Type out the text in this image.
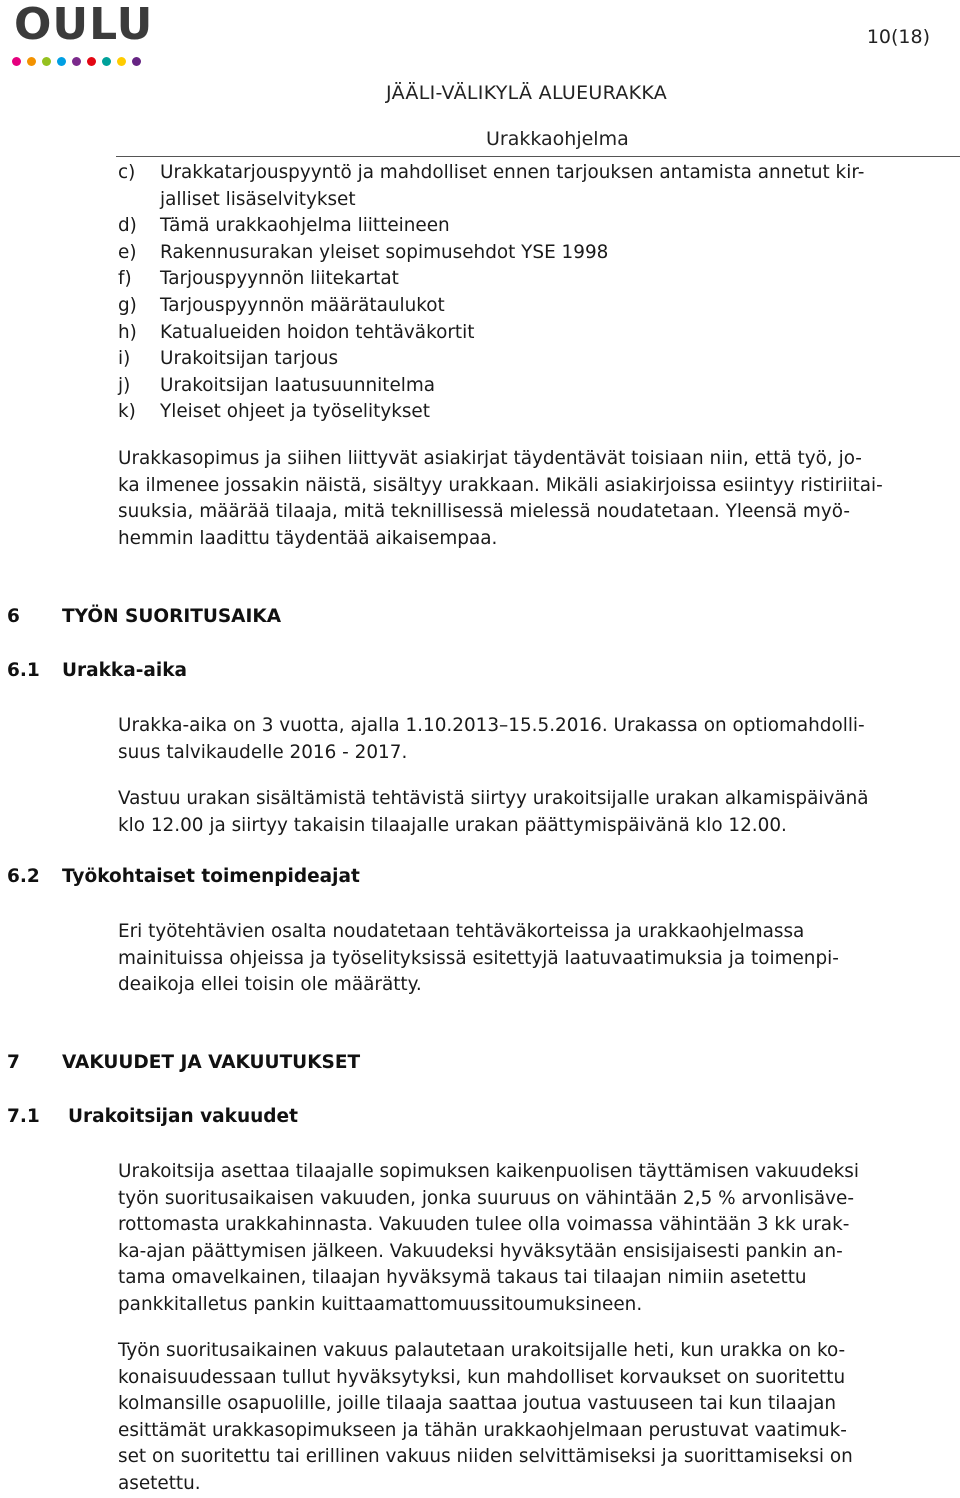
OULU	10(18)
JÄÄLI-VÄLIKYLÄ ALUEURAKKA
Urakkaohjelma
c) Urakkatarjouspyyntö ja mahdolliset ennen tarjouksen antamista annetut kir-
jalliset lisäselvitykset
d) Tämä urakkaohjelma liitteineen
e) Rakennusurakan yleiset sopimusehdot YSE 1998
f) Tarjouspyynnön liitekartat
g) Tarjouspyynnön määrätaulukot
h) Katualueiden hoidon tehtäväkortit
i) Urakoitsijan tarjous
j) Urakoitsijan laatusuunnitelma
k) Yleiset ohjeet ja työselitykset
Urakkasopimus ja siihen liittyvät asiakirjat täydentävät toisiaan niin, että työ, jo-
ka ilmenee jossakin näistä, sisältyy urakkaan. Mikäli asiakirjoissa esiintyy ristiriitai-
suuksia, määrää tilaaja, mitä teknillisessä mielessä noudatetaan. Yleensä myö-
hemmin laadittu täydentää aikaisempaa.
6 TYÖN SUORITUSAIKA
6.1 Urakka-aika
Urakka-aika on 3 vuotta, ajalla 1.10.2013–15.5.2016. Urakassa on optiomahdolli-
suus talvikaudelle 2016 - 2017.
Vastuu urakan sisältämistä tehtävistä siirtyy urakoitsijalle urakan alkamispäivänä
klo 12.00 ja siirtyy takaisin tilaajalle urakan päättymispäivänä klo 12.00.
6.2 Työkohtaiset toimenpideajat
Eri työtehtävien osalta noudatetaan tehtäväkorteissa ja urakkaohjelmassa
mainituissa ohjeissa ja työselityksissä esitettyjä laatuvaatimuksia ja toimenpi-
deaikoja ellei toisin ole määrätty.
7 VAKUUDET JA VAKUUTUKSET
7.1 Urakoitsijan vakuudet
Urakoitsija asettaa tilaajalle sopimuksen kaikenpuolisen täyttämisen vakuudeksi
työn suoritusaikaisen vakuuden, jonka suuruus on vähintään 2,5 % arvonlisäve-
rottomasta urakkahinnasta. Vakuuden tulee olla voimassa vähintään 3 kk urak-
ka-ajan päättymisen jälkeen. Vakuudeksi hyväksytään ensisijaisesti pankin an-
tama omavelkainen, tilaajan hyväksymä takaus tai tilaajan nimiin asetettu
pankkitalletus pankin kuittaamattomuussitoumuksineen.
Työn suoritusaikainen vakuus palautetaan urakoitsijalle heti, kun urakka on ko-
konaisuudessaan tullut hyväksytyksi, kun mahdolliset korvaukset on suoritettu
kolmansille osapuolille, joille tilaaja saattaa joutua vastuuseen tai kun tilaajan
esittämät urakkasopimukseen ja tähän urakkaohjelmaan perustuvat vaatimuk-
set on suoritettu tai erillinen vakuus niiden selvittämiseksi ja suorittamiseksi on
asetettu.
